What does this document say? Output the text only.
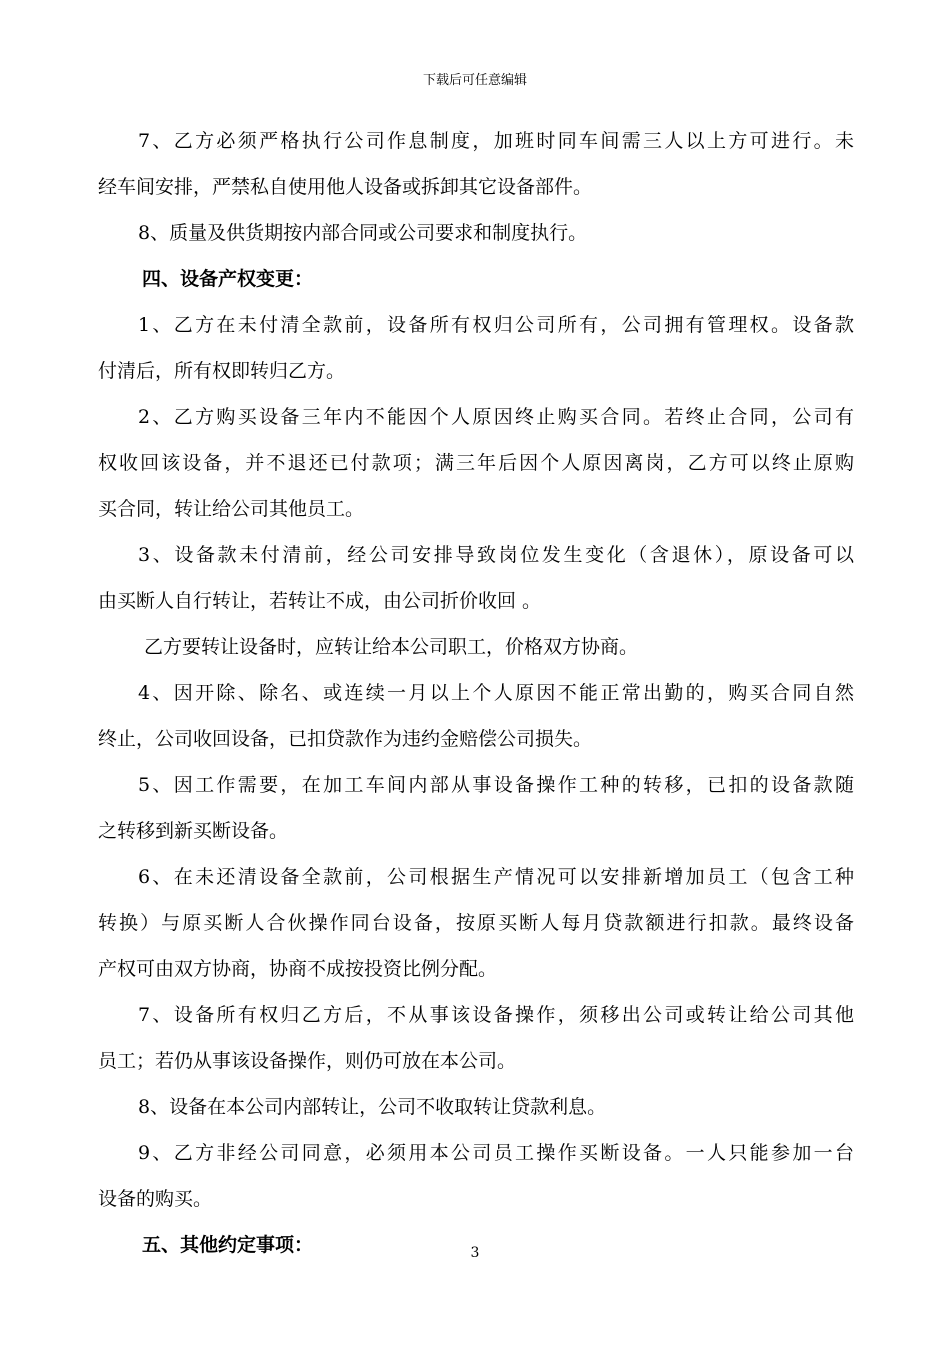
下载后可任意编辑
7、乙方必须严格执行公司作息制度，加班时同车间需三人以上方可进行。未
经车间安排，严禁私自使用他人设备或拆卸其它设备部件。
8、质量及供货期按内部合同或公司要求和制度执行。
四、设备产权变更：
1、乙方在未付清全款前，设备所有权归公司所有，公司拥有管理权。设备款
付清后，所有权即转归乙方。
2、乙方购买设备三年内不能因个人原因终止购买合同。若终止合同，公司有
权收回该设备，并不退还已付款项；满三年后因个人原因离岗，乙方可以终止原购
买合同，转让给公司其他员工。
3、设备款未付清前，经公司安排导致岗位发生变化（含退休），原设备可以
由买断人自行转让，若转让不成，由公司折价收回 。
乙方要转让设备时，应转让给本公司职工，价格双方协商。
4、因开除、除名、或连续一月以上个人原因不能正常出勤的，购买合同自然
终止，公司收回设备，已扣贷款作为违约金赔偿公司损失。
5、因工作需要，在加工车间内部从事设备操作工种的转移，已扣的设备款随
之转移到新买断设备。
6、在未还清设备全款前，公司根据生产情况可以安排新增加员工（包含工种
转换）与原买断人合伙操作同台设备，按原买断人每月贷款额进行扣款。最终设备
产权可由双方协商，协商不成按投资比例分配。
7、设备所有权归乙方后，不从事该设备操作，须移出公司或转让给公司其他
员工；若仍从事该设备操作，则仍可放在本公司。
8、设备在本公司内部转让，公司不收取转让贷款利息。
9、乙方非经公司同意，必须用本公司员工操作买断设备。一人只能参加一台
设备的购买。
五、其他约定事项：	3
